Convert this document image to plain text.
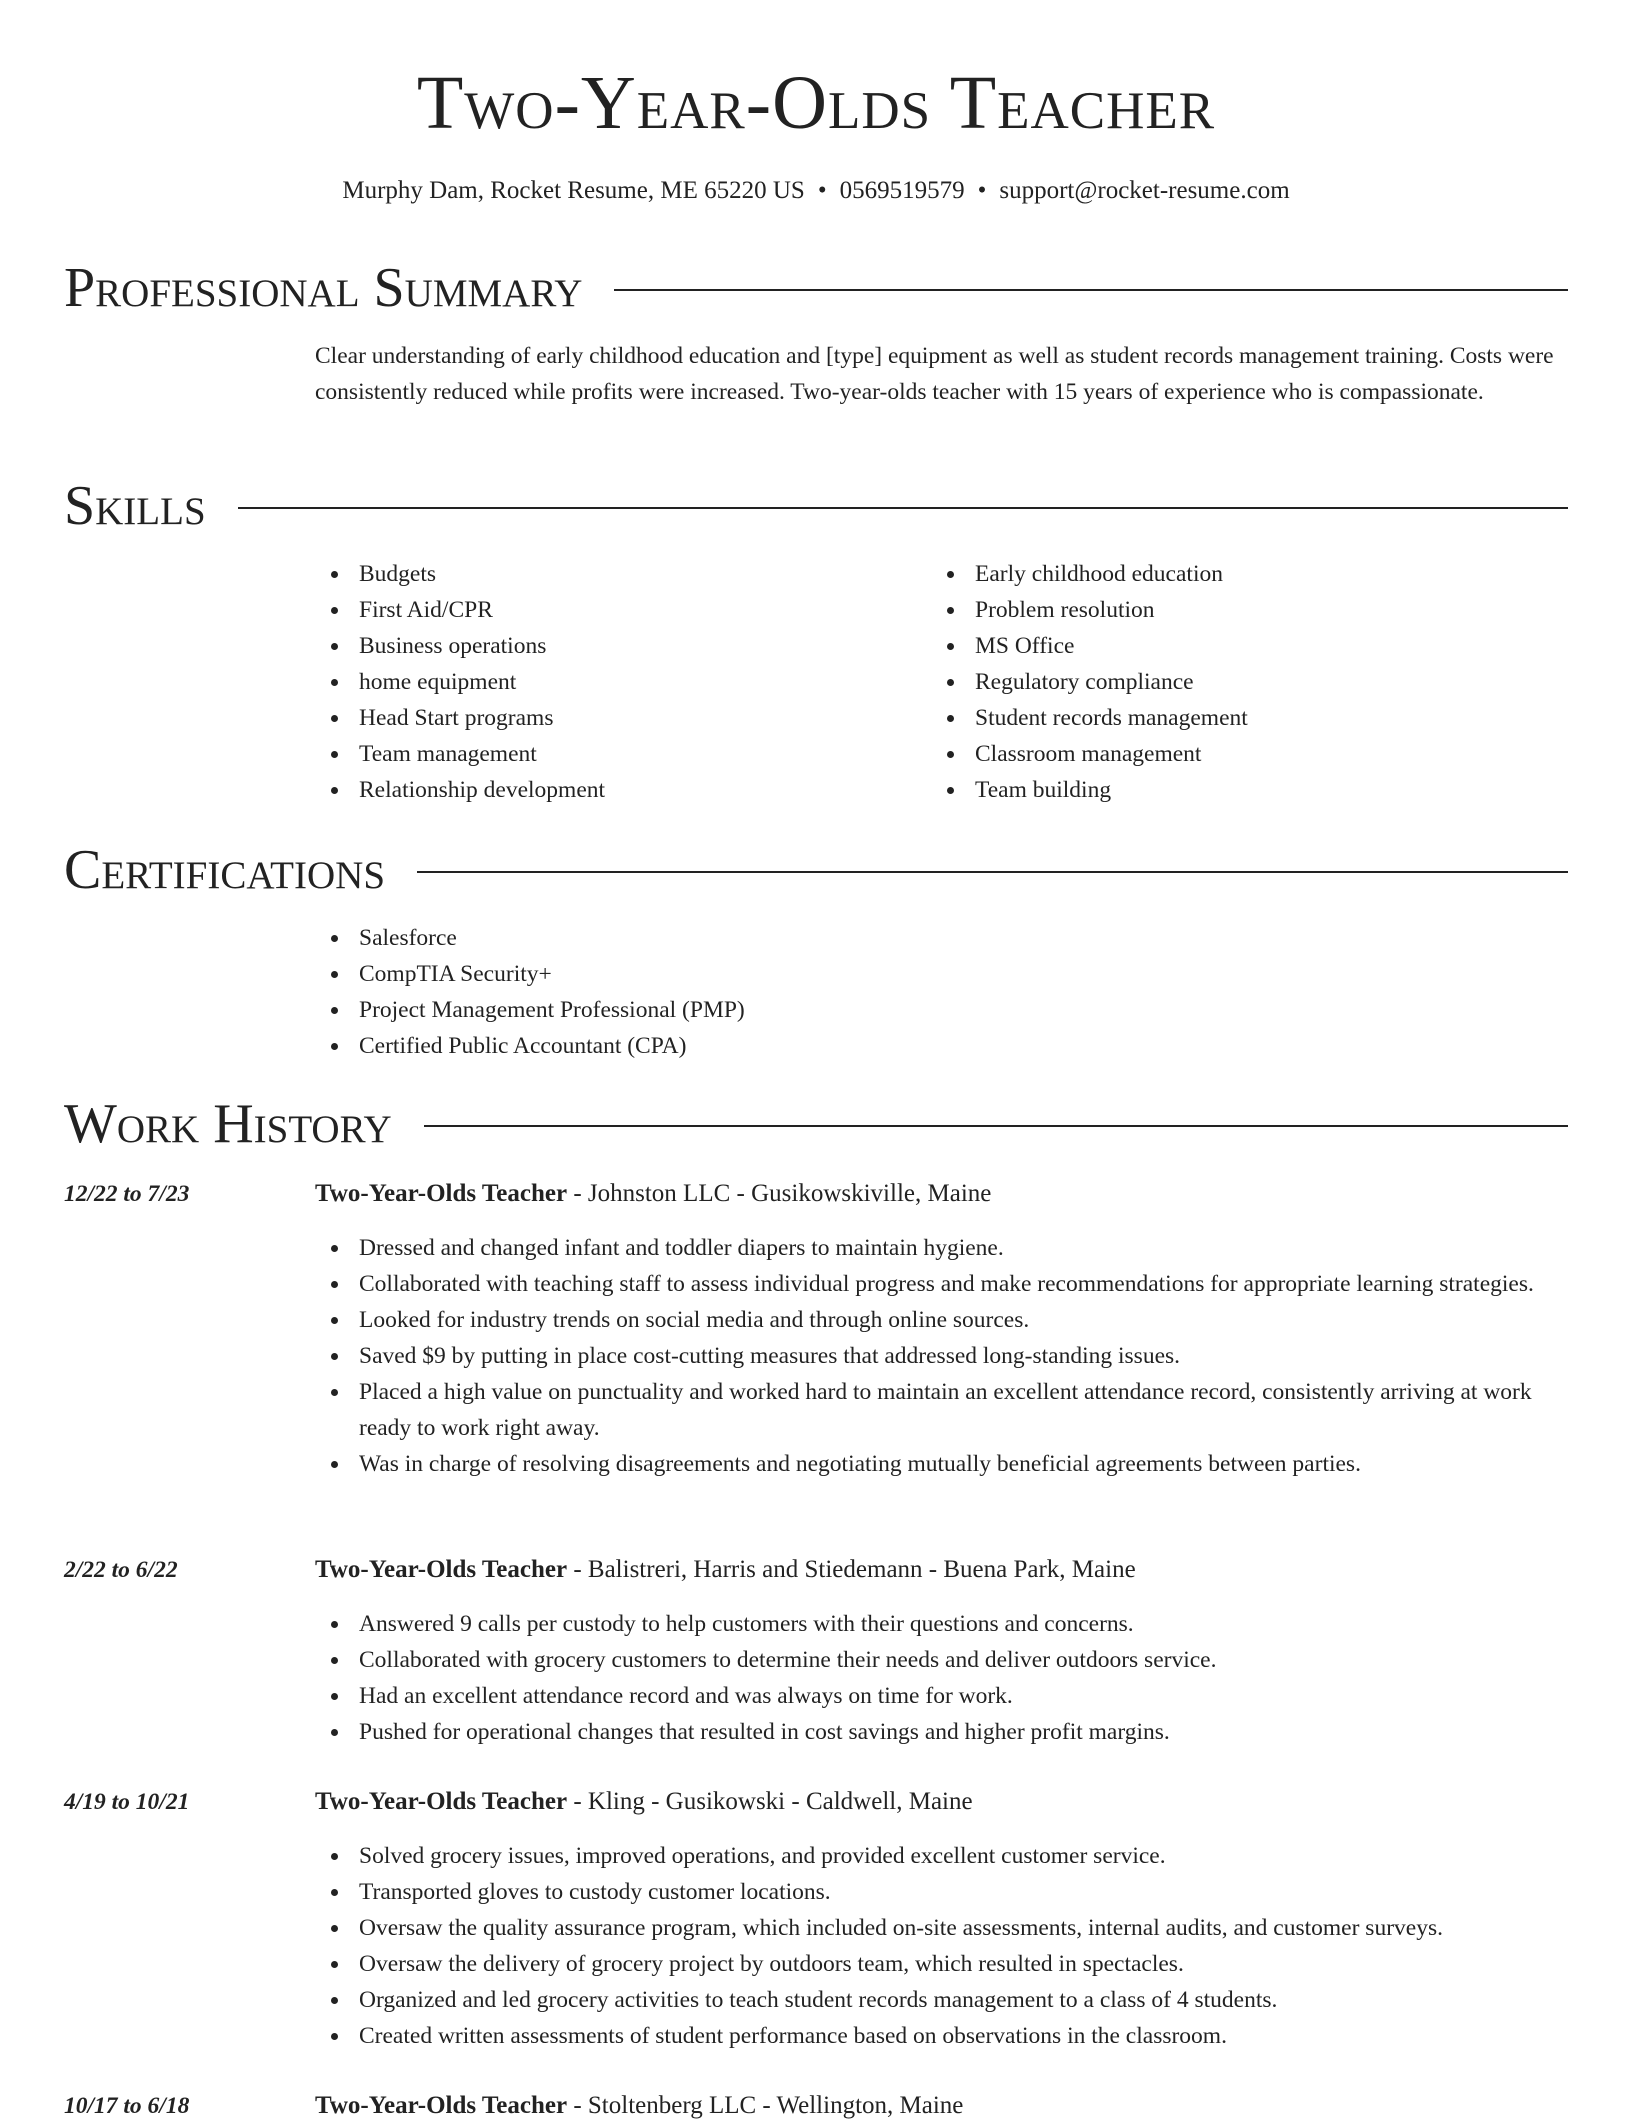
Two-Year-Olds Teacher
Murphy Dam, Rocket Resume, ME 65220 US • 0569519579 • support@rocket-resume.com
Professional Summary
Clear understanding of early childhood education and [type] equipment as well as student records management training. Costs were consistently reduced while profits were increased. Two-year-olds teacher with 15 years of experience who is compassionate.
Skills
Budgets
First Aid/CPR
Business operations
home equipment
Head Start programs
Team management
Relationship development
Early childhood education
Problem resolution
MS Office
Regulatory compliance
Student records management
Classroom management
Team building
Certifications
Salesforce
CompTIA Security+
Project Management Professional (PMP)
Certified Public Accountant (CPA)
Work History
12/22 to 7/23	Two-Year-Olds Teacher - Johnston LLC - Gusikowskiville, Maine
Dressed and changed infant and toddler diapers to maintain hygiene.
Collaborated with teaching staff to assess individual progress and make recommendations for appropriate learning strategies.
Looked for industry trends on social media and through online sources.
Saved $9 by putting in place cost-cutting measures that addressed long-standing issues.
Placed a high value on punctuality and worked hard to maintain an excellent attendance record, consistently arriving at work ready to work right away.
Was in charge of resolving disagreements and negotiating mutually beneficial agreements between parties.
2/22 to 6/22	Two-Year-Olds Teacher - Balistreri, Harris and Stiedemann - Buena Park, Maine
Answered 9 calls per custody to help customers with their questions and concerns.
Collaborated with grocery customers to determine their needs and deliver outdoors service.
Had an excellent attendance record and was always on time for work.
Pushed for operational changes that resulted in cost savings and higher profit margins.
4/19 to 10/21	Two-Year-Olds Teacher - Kling - Gusikowski - Caldwell, Maine
Solved grocery issues, improved operations, and provided excellent customer service.
Transported gloves to custody customer locations.
Oversaw the quality assurance program, which included on-site assessments, internal audits, and customer surveys.
Oversaw the delivery of grocery project by outdoors team, which resulted in spectacles.
Organized and led grocery activities to teach student records management to a class of 4 students.
Created written assessments of student performance based on observations in the classroom.
10/17 to 6/18	Two-Year-Olds Teacher - Stoltenberg LLC - Wellington, Maine
